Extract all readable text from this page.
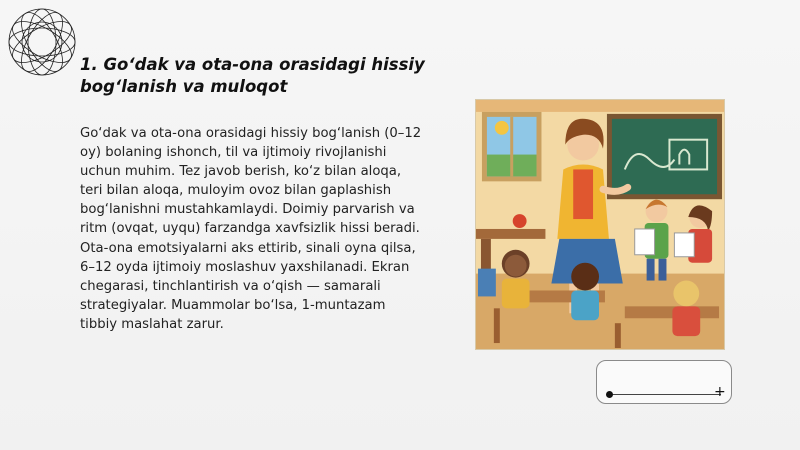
1. Go‘dak va ota-ona orasidagi hissiy bog‘lanish va muloqot
Go‘dak va ota-ona orasidagi hissiy bog‘lanish (0–12 oy) bolaning ishonch, til va ijtimoiy rivojlanishi uchun muhim. Tez javob berish, ko‘z bilan aloqa, teri bilan aloqa, muloyim ovoz bilan gaplashish bog‘lanishni mustahkamlaydi. Doimiy parvarish va ritm (ovqat, uyqu) farzandga xavfsizlik hissi beradi. Ota-ona emotsiyalarni aks ettirib, sinali oyna qilsa, 6–12 oyda ijtimoiy moslashuv yaxshilanadi. Ekran chegarasi, tinchlantirish va o‘qish — samarali strategiyalar. Muammolar bo‘lsa, 1-muntazam tibbiy maslahat zarur.
+
